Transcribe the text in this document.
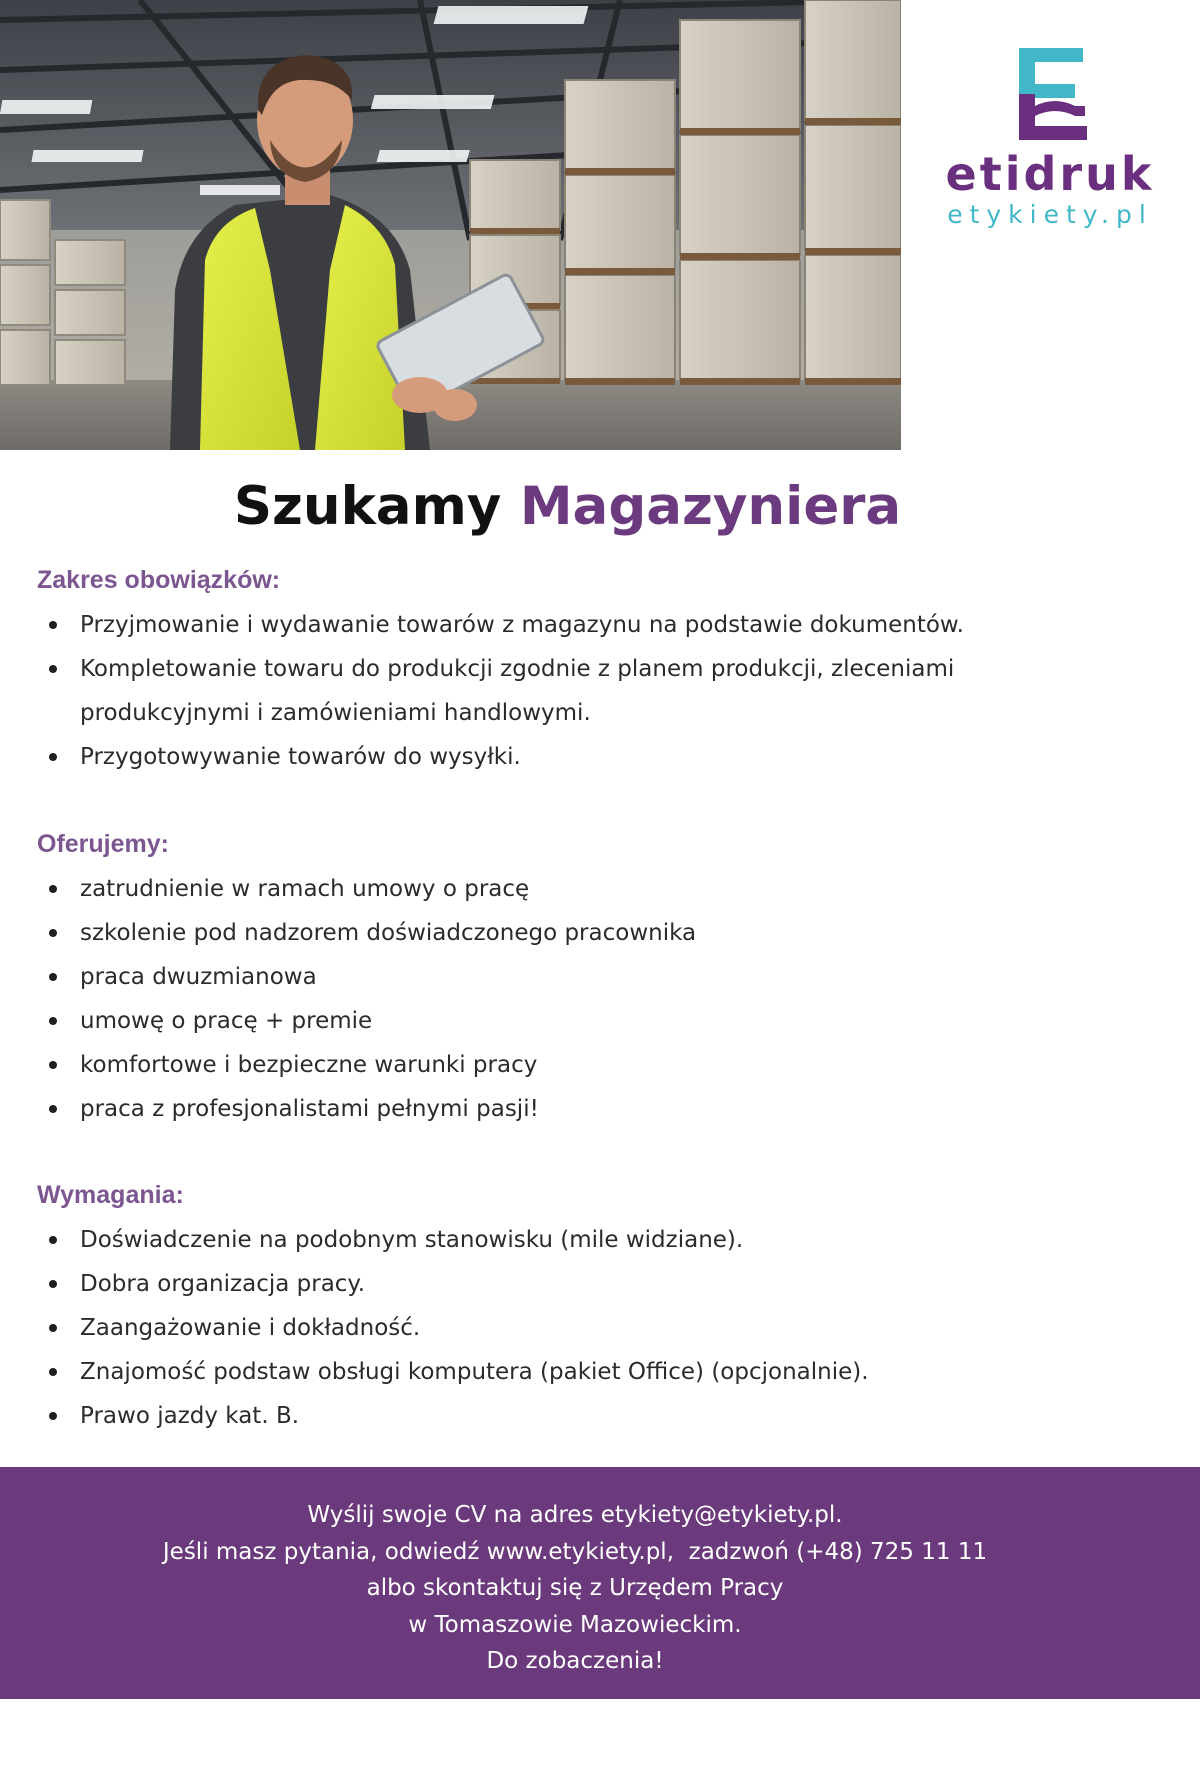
etidruk
etykiety.pl
Szukamy Magazyniera
Zakres obowiązków:
Przyjmowanie i wydawanie towarów z magazynu na podstawie dokumentów.
Kompletowanie towaru do produkcji zgodnie z planem produkcji, zleceniami
produkcyjnymi i zamówieniami handlowymi.
Przygotowywanie towarów do wysyłki.
Oferujemy:
zatrudnienie w ramach umowy o pracę
szkolenie pod nadzorem doświadczonego pracownika
praca dwuzmianowa
umowę o pracę + premie
komfortowe i bezpieczne warunki pracy
praca z profesjonalistami pełnymi pasji!
Wymagania:
Doświadczenie na podobnym stanowisku (mile widziane).
Dobra organizacja pracy.
Zaangażowanie i dokładność.
Znajomość podstaw obsługi komputera (pakiet Office) (opcjonalnie).
Prawo jazdy kat. B.
Wyślij swoje CV na adres etykiety@etykiety.pl.
Jeśli masz pytania, odwiedź www.etykiety.pl,  zadzwoń (+48) 725 11 11
albo skontaktuj się z Urzędem Pracy
w Tomaszowie Mazowieckim.
Do zobaczenia!
